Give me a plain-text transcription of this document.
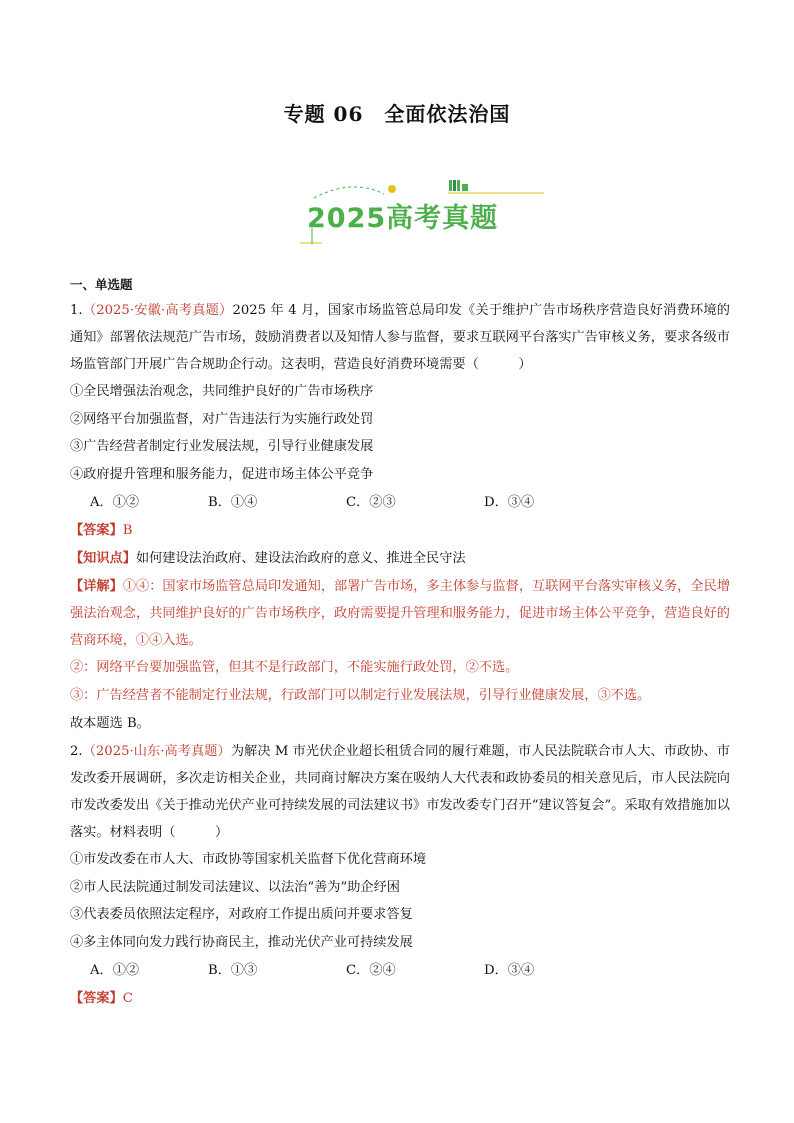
专题 06　全面依法治国
2025高考真题
一、单选题

1.（2025·安徽·高考真题）2025 年 4 月，国家市场监管总局印发《关于维护广告市场秩序营造良好消费环境的通知》部署依法规范广告市场，鼓励消费者以及知情人参与监督，要求互联网平台落实广告审核义务，要求各级市场监管部门开展广告合规助企行动。这表明，营造良好消费环境需要（　　　）

①全民增强法治观念，共同维护良好的广告市场秩序

②网络平台加强监督，对广告违法行为实施行政处罚

③广告经营者制定行业发展法规，引导行业健康发展

④政府提升管理和服务能力，促进市场主体公平竞争

A．①②	B．①④	C．②③	D．③④

【答案】B

【知识点】如何建设法治政府、建设法治政府的意义、推进全民守法

【详解】①④：国家市场监管总局印发通知，部署广告市场，多主体参与监督，互联网平台落实审核义务，全民增强法治观念，共同维护良好的广告市场秩序，政府需要提升管理和服务能力，促进市场主体公平竞争，营造良好的营商环境，①④入选。

②：网络平台要加强监管，但其不是行政部门，不能实施行政处罚，②不选。

③：广告经营者不能制定行业法规，行政部门可以制定行业发展法规，引导行业健康发展，③不选。

故本题选 B。

2.（2025·山东·高考真题）为解决 M 市光伏企业超长租赁合同的履行难题，市人民法院联合市人大、市政协、市发改委开展调研，多次走访相关企业，共同商讨解决方案在吸纳人大代表和政协委员的相关意见后，市人民法院向市发改委发出《关于推动光伏产业可持续发展的司法建议书》市发改委专门召开“建议答复会”。采取有效措施加以落实。材料表明（　　　）

①市发改委在市人大、市政协等国家机关监督下优化营商环境

②市人民法院通过制发司法建议、以法治“善为”助企纾困

③代表委员依照法定程序，对政府工作提出质问并要求答复

④多主体同向发力践行协商民主，推动光伏产业可持续发展

A．①②	B．①③	C．②④	D．③④

【答案】C
